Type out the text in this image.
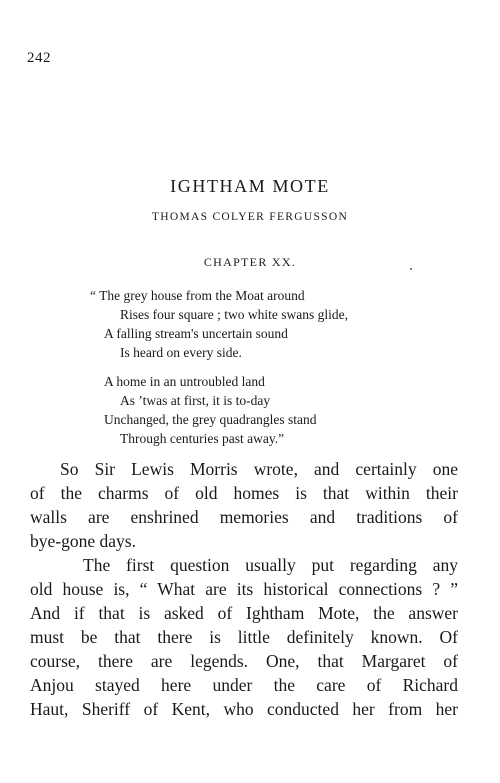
242
IGHTHAM MOTE
THOMAS COLYER FERGUSSON
CHAPTER XX.
“ The grey house from the Moat around
Rises four square ; two white swans glide,
A falling stream's uncertain sound
Is heard on every side.
A home in an untroubled land
As ’twas at first, it is to-day
Unchanged, the grey quadrangles stand
Through centuries past away.”
So Sir Lewis Morris wrote, and certainly one
of the charms of old homes is that within their
walls are enshrined memories and traditions of
bye-gone days.
The first question usually put regarding any
old house is, “ What are its historical connections ? ”
And if that is asked of Ightham Mote, the answer
must be that there is little definitely known. Of
course, there are legends. One, that Margaret of
Anjou stayed here under the care of Richard
Haut, Sheriff of Kent, who conducted her from her
